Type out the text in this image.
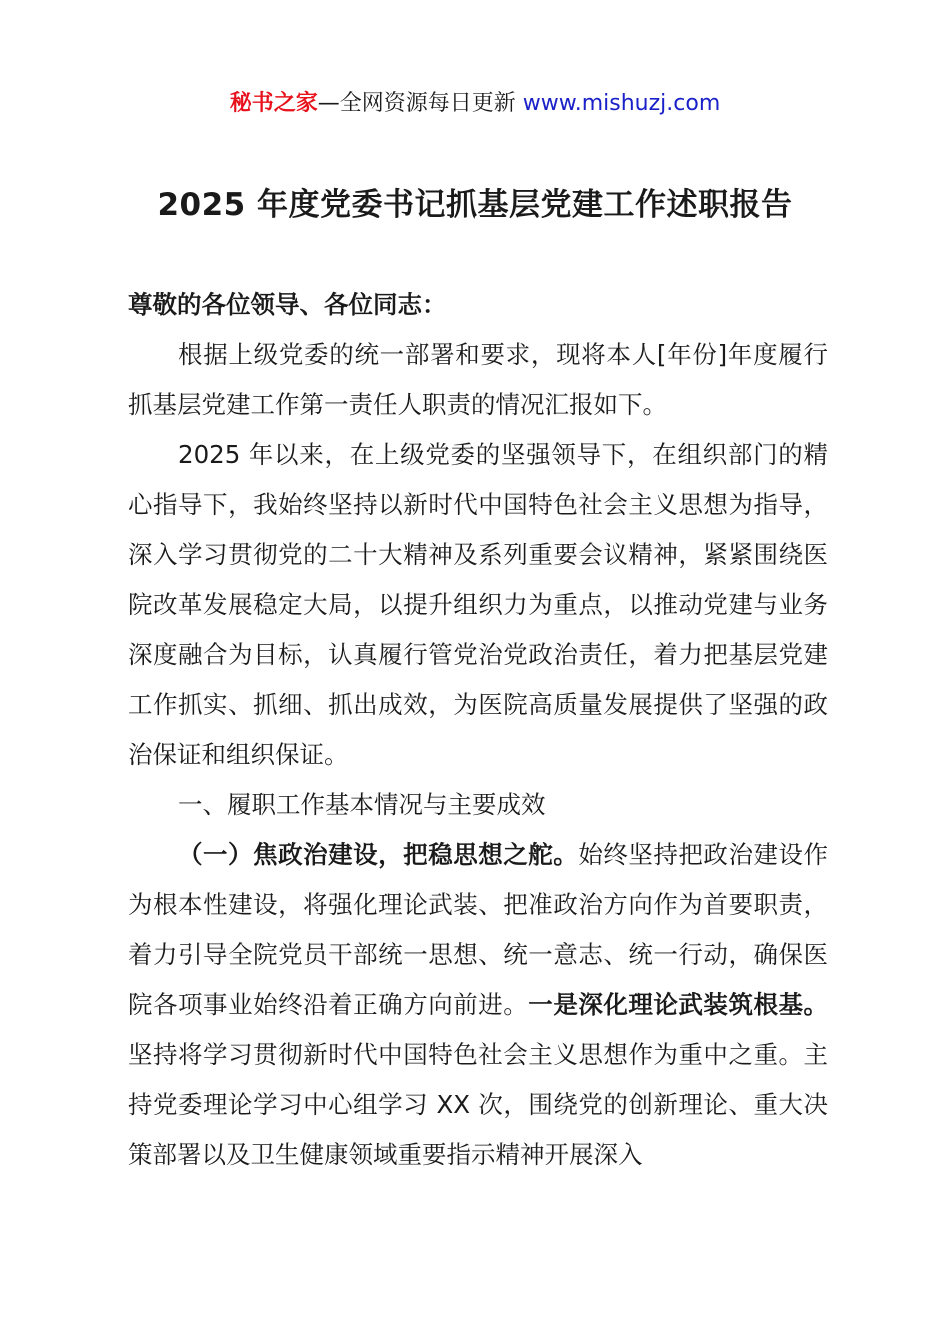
秘书之家—全网资源每日更新 www.mishuzj.com
2025 年度党委书记抓基层党建工作述职报告

尊敬的各位领导、各位同志：

根据上级党委的统一部署和要求，现将本人[年份]年度履行抓基层党建工作第一责任人职责的情况汇报如下。

2025 年以来，在上级党委的坚强领导下，在组织部门的精心指导下，我始终坚持以新时代中国特色社会主义思想为指导，深入学习贯彻党的二十大精神及系列重要会议精神，紧紧围绕医院改革发展稳定大局，以提升组织力为重点，以推动党建与业务深度融合为目标，认真履行管党治党政治责任，着力把基层党建工作抓实、抓细、抓出成效，为医院高质量发展提供了坚强的政治保证和组织保证。

一、履职工作基本情况与主要成效

（一）焦政治建设，把稳思想之舵。始终坚持把政治建设作为根本性建设，将强化理论武装、把准政治方向作为首要职责，着力引导全院党员干部统一思想、统一意志、统一行动，确保医院各项事业始终沿着正确方向前进。一是深化理论武装筑根基。坚持将学习贯彻新时代中国特色社会主义思想作为重中之重。主持党委理论学习中心组学习 XX 次，围绕党的创新理论、重大决策部署以及卫生健康领域重要指示精神开展深入
